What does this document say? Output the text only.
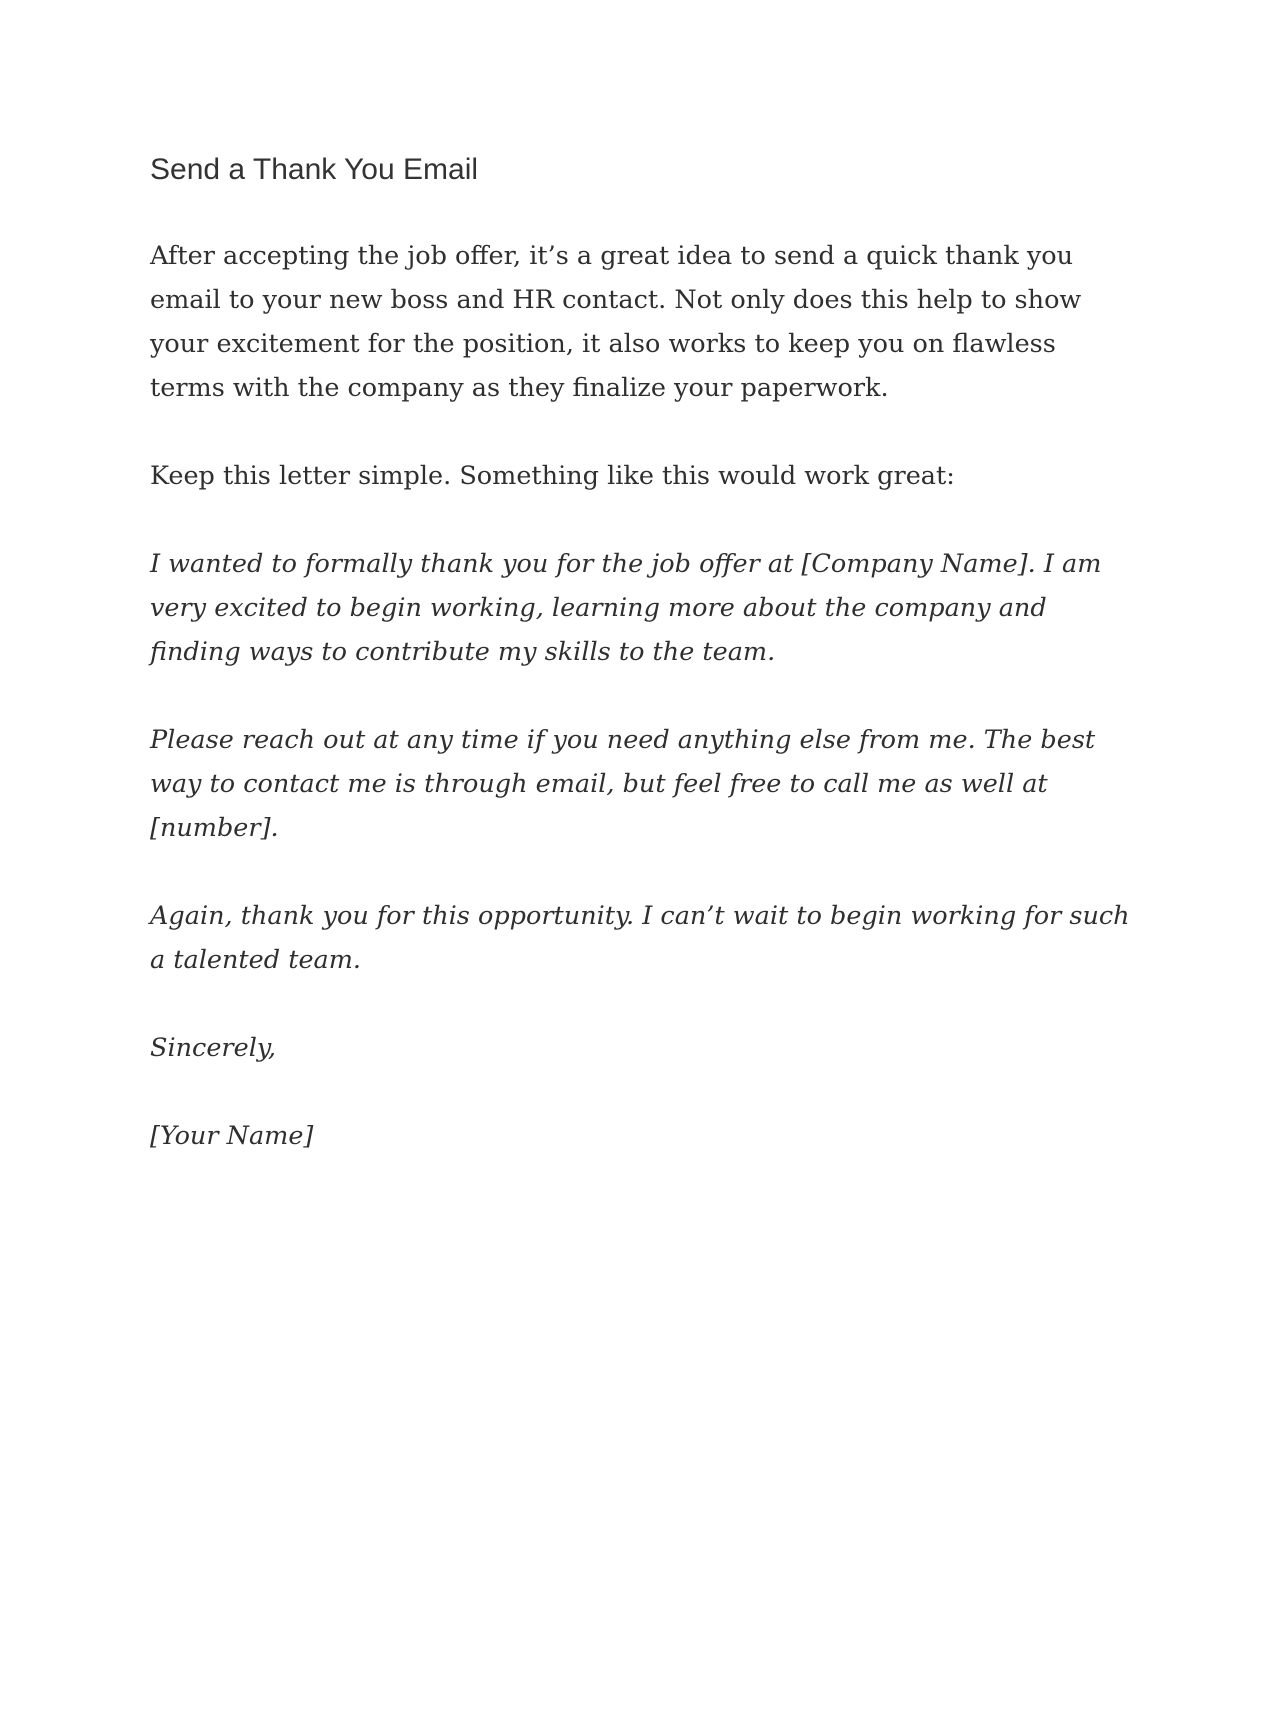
Send a Thank You Email

After accepting the job offer, it’s a great idea to send a quick thank you email to your new boss and HR contact. Not only does this help to show your excitement for the position, it also works to keep you on flawless terms with the company as they finalize your paperwork.

Keep this letter simple. Something like this would work great:

I wanted to formally thank you for the job offer at [Company Name]. I am very excited to begin working, learning more about the company and finding ways to contribute my skills to the team.

Please reach out at any time if you need anything else from me. The best way to contact me is through email, but feel free to call me as well at [number].

Again, thank you for this opportunity. I can’t wait to begin working for such a talented team.

Sincerely,

[Your Name]
